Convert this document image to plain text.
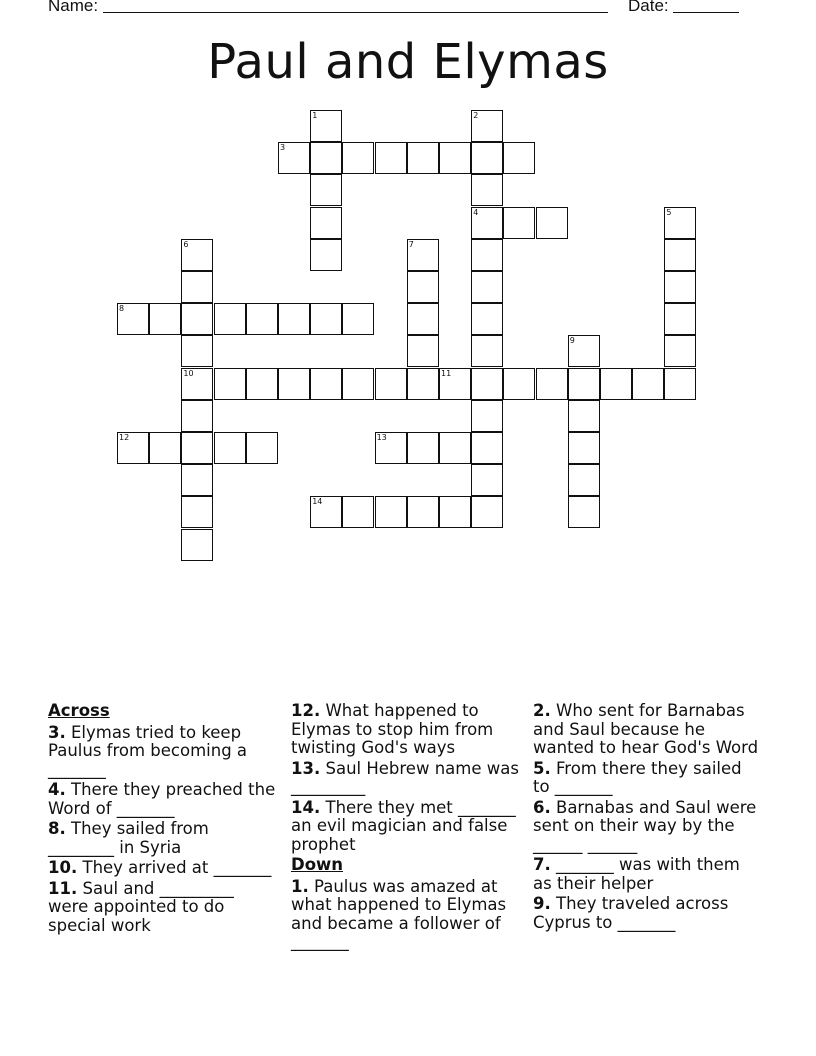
Name:	Date:
Paul and Elymas
1	2
4
3
5
6
10
7
8
9
11
12	13
14
Across
3. Elymas tried to keep Paulus from becoming a _______
4. There they preached the Word of _______
8. They sailed from ________ in Syria
10. They arrived at _______
11. Saul and _________ were appointed to do special work
12. What happened to Elymas to stop him from twisting God's ways
13. Saul Hebrew name was _________
14. There they met _______ an evil magician and false prophet
Down
1. Paulus was amazed at what happened to Elymas and became a follower of _______
2. Who sent for Barnabas and Saul because he wanted to hear God's Word
5. From there they sailed to _______
6. Barnabas and Saul were sent on their way by the ______ ______
7. _______ was with them as their helper
9. They traveled across Cyprus to _______
